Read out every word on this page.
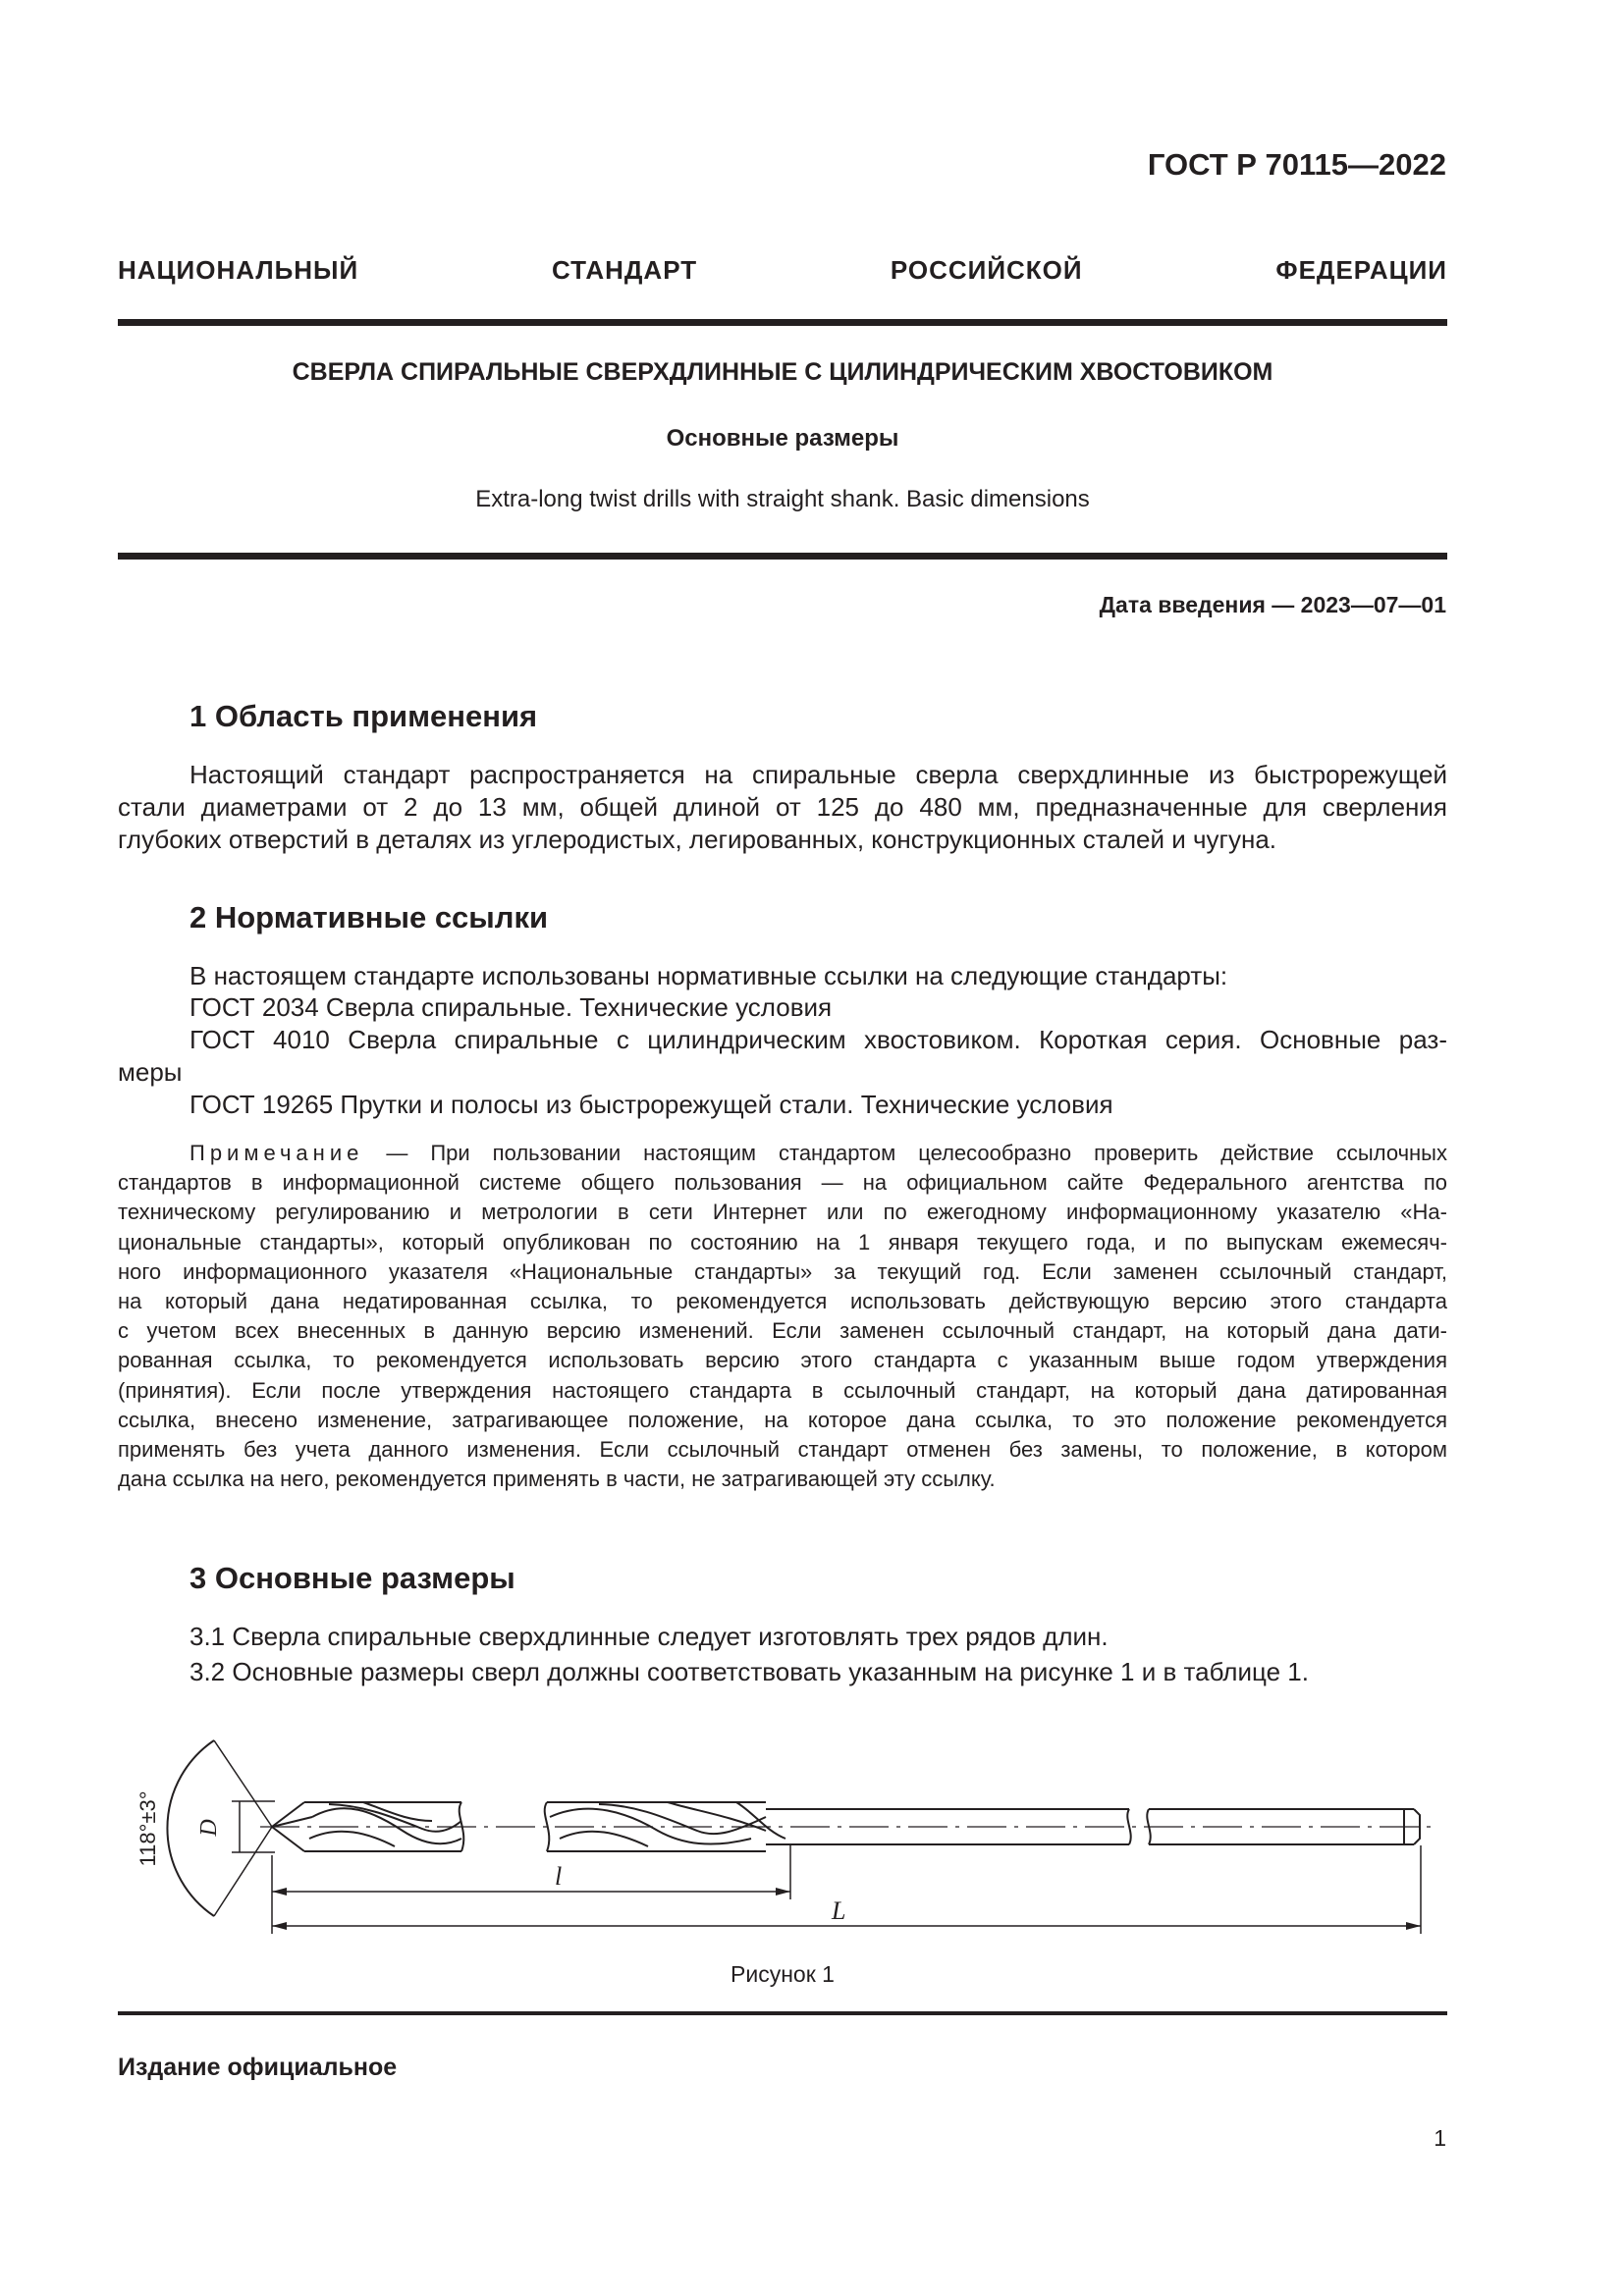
ГОСТ Р 70115—2022
НАЦИОНАЛЬНЫЙ СТАНДАРТ РОССИЙСКОЙ ФЕДЕРАЦИИ
СВЕРЛА СПИРАЛЬНЫЕ СВЕРХДЛИННЫЕ С ЦИЛИНДРИЧЕСКИМ ХВОСТОВИКОМ
Основные размеры
Extra-long twist drills with straight shank. Basic dimensions
Дата введения — 2023—07—01
1 Область применения
Настоящий стандарт распространяется на спиральные сверла сверхдлинные из быстрорежущей
стали диаметрами от 2 до 13 мм, общей длиной от 125 до 480 мм, предназначенные для сверления
глубоких отверстий в деталях из углеродистых, легированных, конструкционных сталей и чугуна.
2 Нормативные ссылки
В настоящем стандарте использованы нормативные ссылки на следующие стандарты:
ГОСТ 2034 Сверла спиральные. Технические условия
ГОСТ 4010 Сверла спиральные с цилиндрическим хвостовиком. Короткая серия. Основные раз-
меры
ГОСТ 19265 Прутки и полосы из быстрорежущей стали. Технические условия
Примечание — При пользовании настоящим стандартом целесообразно проверить действие ссылочных
стандартов в информационной системе общего пользования — на официальном сайте Федерального агентства по
техническому регулированию и метрологии в сети Интернет или по ежегодному информационному указателю «На-
циональные стандарты», который опубликован по состоянию на 1 января текущего года, и по выпускам ежемесяч-
ного информационного указателя «Национальные стандарты» за текущий год. Если заменен ссылочный стандарт,
на который дана недатированная ссылка, то рекомендуется использовать действующую версию этого стандарта
с учетом всех внесенных в данную версию изменений. Если заменен ссылочный стандарт, на который дана дати-
рованная ссылка, то рекомендуется использовать версию этого стандарта с указанным выше годом утверждения
(принятия). Если после утверждения настоящего стандарта в ссылочный стандарт, на который дана датированная
ссылка, внесено изменение, затрагивающее положение, на которое дана ссылка, то это положение рекомендуется
применять без учета данного изменения. Если ссылочный стандарт отменен без замены, то положение, в котором
дана ссылка на него, рекомендуется применять в части, не затрагивающей эту ссылку.
3 Основные размеры
3.1 Сверла спиральные сверхдлинные следует изготовлять трех рядов длин.
3.2 Основные размеры сверл должны соответствовать указанным на рисунке 1 и в таблице 1.
118°±3° D
l
L
Рисунок 1
Издание официальное
1
